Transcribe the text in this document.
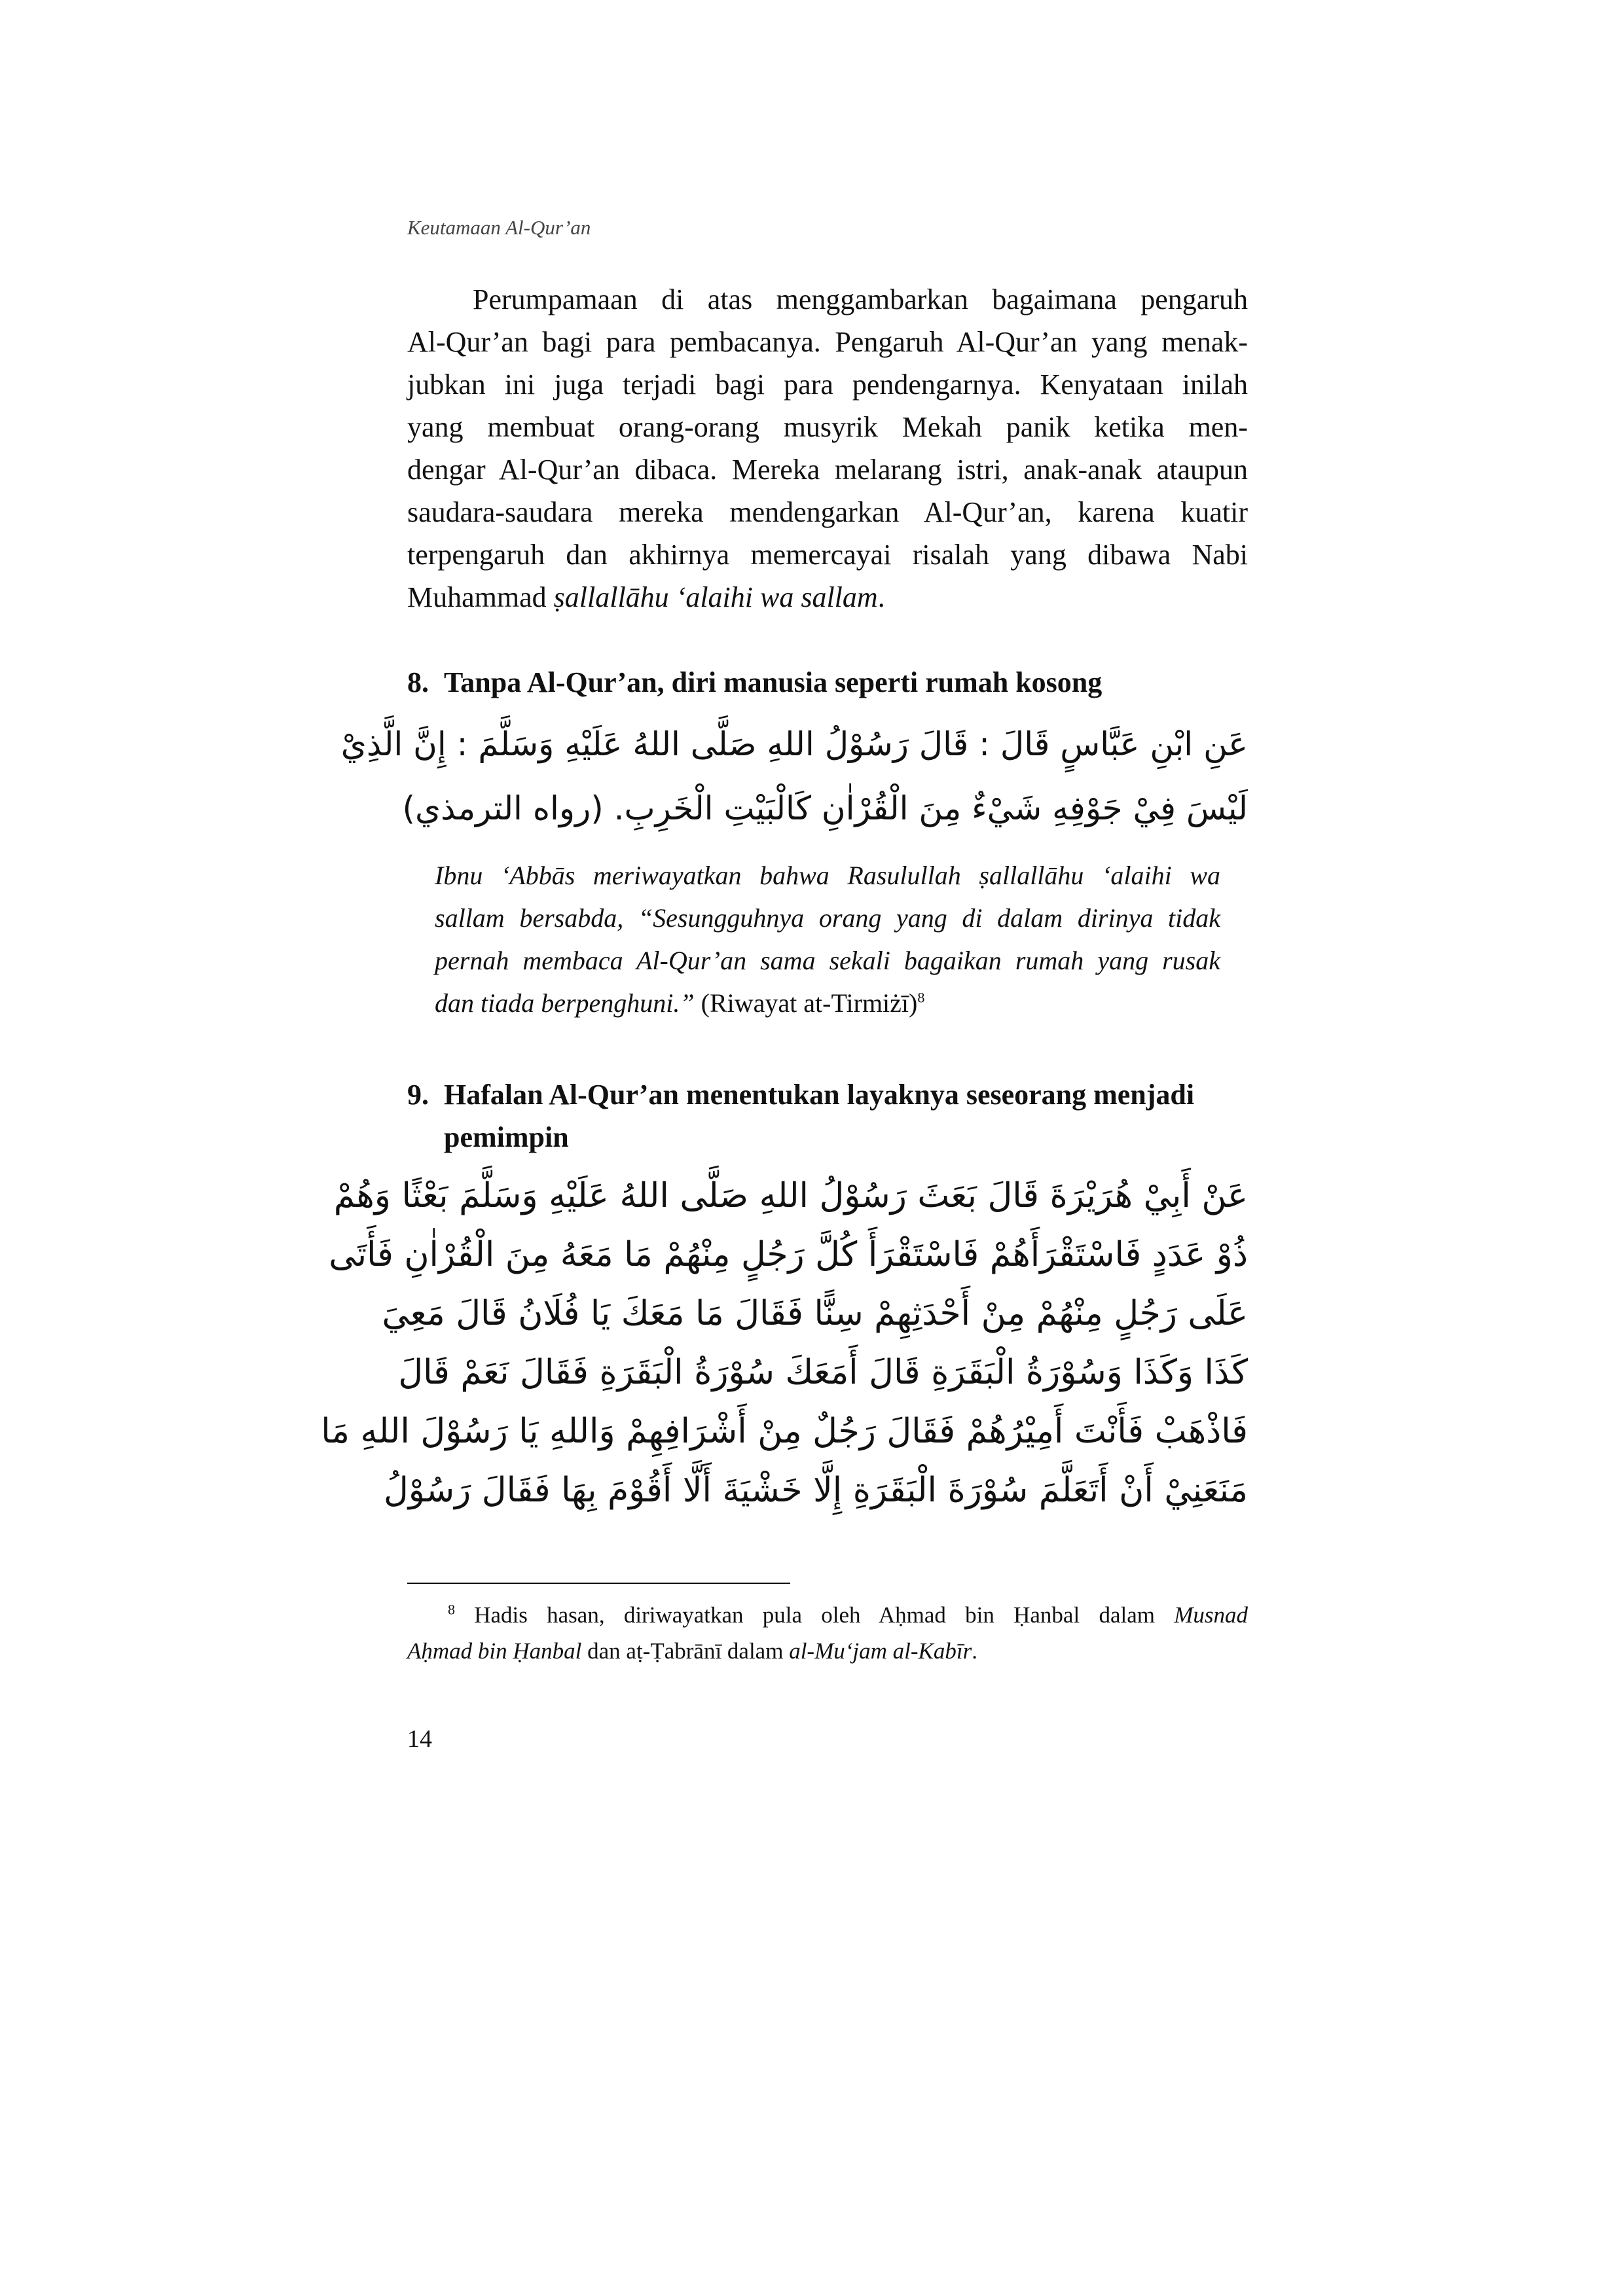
Keutamaan Al-Qur’an
Perumpamaan di atas menggambarkan bagaimana pengaruh
Al-Qur’an bagi para pembacanya. Pengaruh Al-Qur’an yang menak-
jubkan ini juga terjadi bagi para pendengarnya. Kenyataan inilah
yang membuat orang-orang musyrik Mekah panik ketika men-
dengar Al-Qur’an dibaca. Mereka melarang istri, anak-anak ataupun
saudara-saudara mereka mendengarkan Al-Qur’an, karena kuatir
terpengaruh dan akhirnya memercayai risalah yang dibawa Nabi
Muhammad ṣallallāhu ‘alaihi wa sallam.
8. Tanpa Al-Qur’an, diri manusia seperti rumah kosong
عَنِ ابْنِ عَبَّاسٍ قَالَ : قَالَ رَسُوْلُ اللهِ صَلَّى اللهُ عَلَيْهِ وَسَلَّمَ : إِنَّ الَّذِيْ
لَيْسَ فِيْ جَوْفِهِ شَيْءٌ مِنَ الْقُرْاٰنِ كَالْبَيْتِ الْخَرِبِ. (رواه الترمذي)
Ibnu ‘Abbās meriwayatkan bahwa Rasulullah ṣallallāhu ‘alaihi wa
sallam bersabda, “Sesungguhnya orang yang di dalam dirinya tidak
pernah membaca Al-Qur’an sama sekali bagaikan rumah yang rusak
dan tiada berpenghuni.” (Riwayat at-Tirmiżī)$^8$
9. Hafalan Al-Qur’an menentukan layaknya seseorang menjadi
pemimpin
عَنْ أَبِيْ هُرَيْرَةَ قَالَ بَعَثَ رَسُوْلُ اللهِ صَلَّى اللهُ عَلَيْهِ وَسَلَّمَ بَعْثًا وَهُمْ
ذُوْ عَدَدٍ فَاسْتَقْرَأَهُمْ فَاسْتَقْرَأَ كُلَّ رَجُلٍ مِنْهُمْ مَا مَعَهُ مِنَ الْقُرْاٰنِ فَأَتَى
عَلَى رَجُلٍ مِنْهُمْ مِنْ أَحْدَثِهِمْ سِنًّا فَقَالَ مَا مَعَكَ يَا فُلَانُ قَالَ مَعِيَ
كَذَا وَكَذَا وَسُوْرَةُ الْبَقَرَةِ قَالَ أَمَعَكَ سُوْرَةُ الْبَقَرَةِ فَقَالَ نَعَمْ قَالَ
فَاذْهَبْ فَأَنْتَ أَمِيْرُهُمْ فَقَالَ رَجُلٌ مِنْ أَشْرَافِهِمْ وَاللهِ يَا رَسُوْلَ اللهِ مَا
مَنَعَنِيْ أَنْ أَتَعَلَّمَ سُوْرَةَ الْبَقَرَةِ إِلَّا خَشْيَةَ أَلَّا أَقُوْمَ بِهَا فَقَالَ رَسُوْلُ
$^8$ Hadis hasan, diriwayatkan pula oleh Aḥmad bin Ḥanbal dalam Musnad
Aḥmad bin Ḥanbal dan aṭ-Ṭabrānī dalam al-Mu‘jam al-Kabīr.
14
